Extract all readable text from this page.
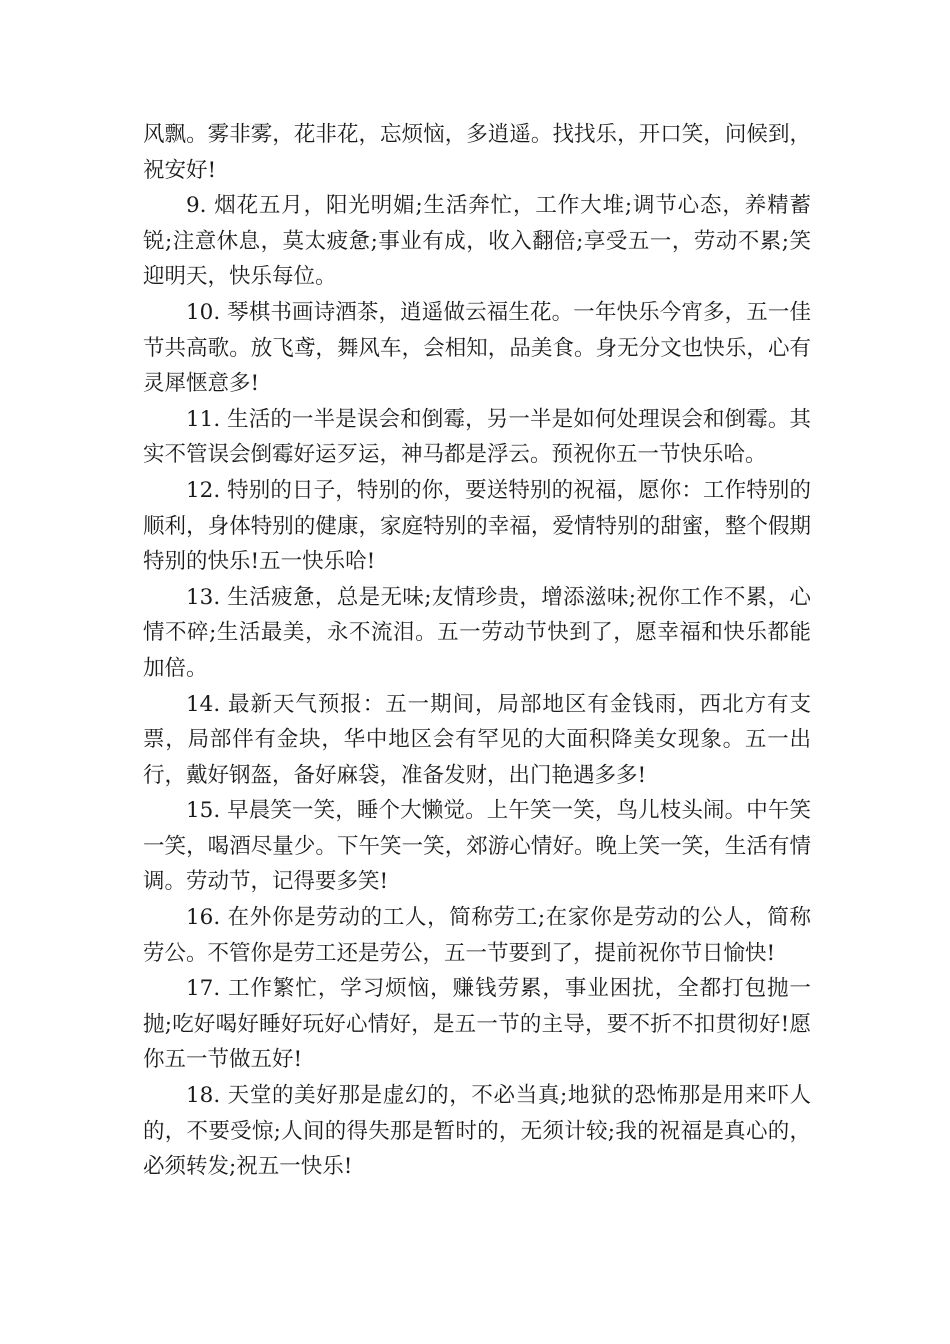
风飘。雾非雾，花非花，忘烦恼，多逍遥。找找乐，开口笑，问候到，祝安好!

9. 烟花五月，阳光明媚;生活奔忙，工作大堆;调节心态，养精蓄锐;注意休息，莫太疲惫;事业有成，收入翻倍;享受五一，劳动不累;笑迎明天，快乐每位。

10. 琴棋书画诗酒茶，逍遥做云福生花。一年快乐今宵多，五一佳节共高歌。放飞鸢，舞风车，会相知，品美食。身无分文也快乐，心有灵犀惬意多!

11. 生活的一半是误会和倒霉，另一半是如何处理误会和倒霉。其实不管误会倒霉好运歹运，神马都是浮云。预祝你五一节快乐哈。

12. 特别的日子，特别的你，要送特别的祝福，愿你：工作特别的顺利，身体特别的健康，家庭特别的幸福，爱情特别的甜蜜，整个假期特别的快乐!五一快乐哈!

13. 生活疲惫，总是无味;友情珍贵，增添滋味;祝你工作不累，心情不碎;生活最美，永不流泪。五一劳动节快到了，愿幸福和快乐都能加倍。

14. 最新天气预报：五一期间，局部地区有金钱雨，西北方有支票，局部伴有金块，华中地区会有罕见的大面积降美女现象。五一出行，戴好钢盔，备好麻袋，准备发财，出门艳遇多多!

15. 早晨笑一笑，睡个大懒觉。上午笑一笑，鸟儿枝头闹。中午笑一笑，喝酒尽量少。下午笑一笑，郊游心情好。晚上笑一笑，生活有情调。劳动节，记得要多笑!

16. 在外你是劳动的工人，简称劳工;在家你是劳动的公人，简称劳公。不管你是劳工还是劳公，五一节要到了，提前祝你节日愉快!

17. 工作繁忙，学习烦恼，赚钱劳累，事业困扰，全都打包抛一抛;吃好喝好睡好玩好心情好，是五一节的主导，要不折不扣贯彻好!愿你五一节做五好!

18. 天堂的美好那是虚幻的，不必当真;地狱的恐怖那是用来吓人的，不要受惊;人间的得失那是暂时的，无须计较;我的祝福是真心的，必须转发;祝五一快乐!
